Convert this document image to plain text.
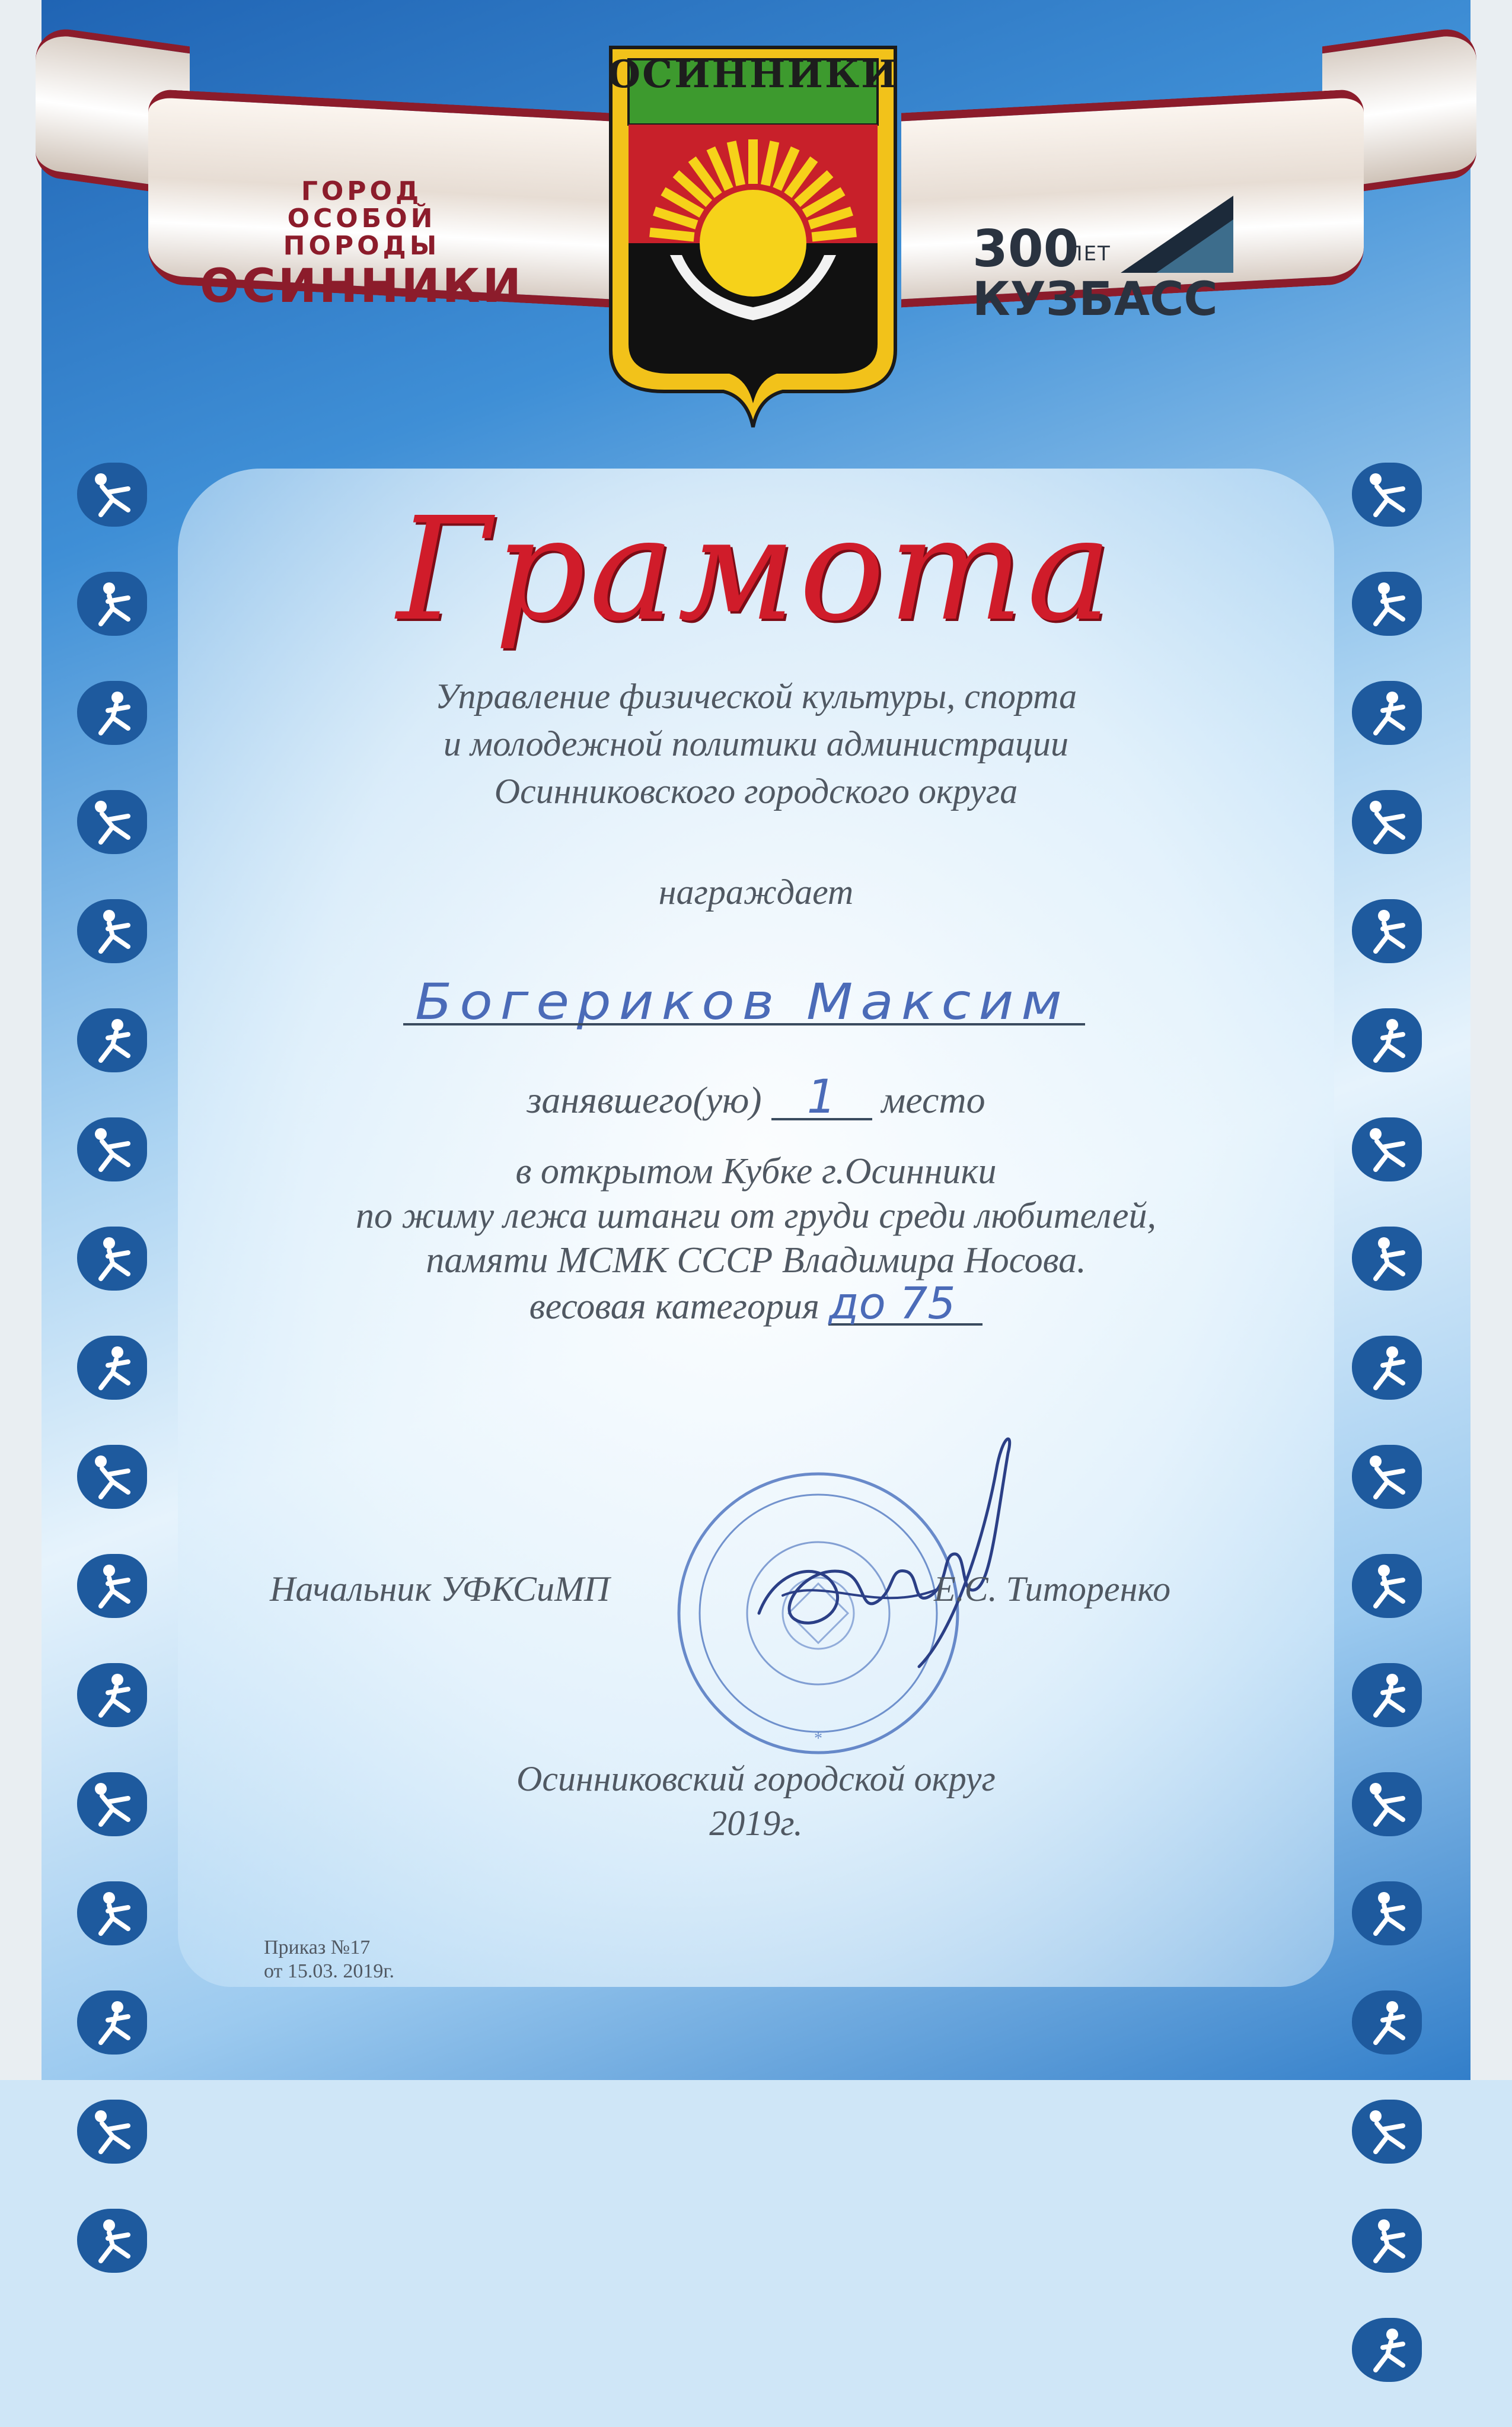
ГОРОД
ОСОБОЙ
ПОРОДЫ
ОСИННИКИ
300
ЛЕТ
КУЗБАСС
ОСИННИКИ
Грамота
Управление физической культуры, спорта
и молодежной политики администрации
Осинниковского городского округа
награждает
Богериков Максим
занявшего(ую) 1 место
в открытом Кубке г.Осинники
по жиму лежа штанги от груди среди любителей,
памяти МСМК СССР Владимира Носова.
весовая категория до 75
*
Начальник УФКСиМП	Е.С. Титоренко
Осинниковский городской округ
2019г.
Приказ №17
от 15.03. 2019г.
